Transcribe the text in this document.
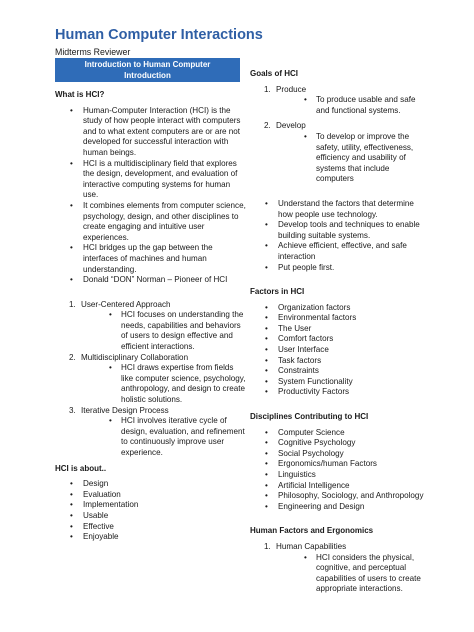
Human Computer Interactions
Midterms Reviewer
Introduction to Human Computer
Introduction
What is HCI?
• Human-Computer Interaction (HCI) is the study of how people interact with computers and to what extent computers are or are not developed for successful interaction with human beings.
• HCI is a multidisciplinary field that explores the design, development, and evaluation of interactive computing systems for human use.
• It combines elements from computer science, psychology, design, and other disciplines to create engaging and intuitive user experiences.
• HCI bridges up the gap between the interfaces of machines and human understanding.
• Donald “DON” Norman – Pioneer of HCI
1. User-Centered Approach
• HCI focuses on understanding the needs, capabilities and behaviors of users to design effective and efficient interactions.
2. Multidisciplinary Collaboration
• HCI draws expertise from fields like computer science, psychology, anthropology, and design to create holistic solutions.
3. Iterative Design Process
• HCI involves iterative cycle of design, evaluation, and refinement to continuously improve user experience.
HCI is about..
• Design
• Evaluation
• Implementation
• Usable
• Effective
• Enjoyable
Goals of HCI
1. Produce
• To produce usable and safe and functional systems.
2. Develop
• To develop or improve the safety, utility, effectiveness, efficiency and usability of systems that include computers
• Understand the factors that determine how people use technology.
• Develop tools and techniques to enable building suitable systems.
• Achieve efficient, effective, and safe interaction
• Put people first.
Factors in HCI
• Organization factors
• Environmental factors
• The User
• Comfort factors
• User Interface
• Task factors
• Constraints
• System Functionality
• Productivity Factors
Disciplines Contributing to HCI
• Computer Science
• Cognitive Psychology
• Social Psychology
• Ergonomics/human Factors
• Linguistics
• Artificial Intelligence
• Philosophy, Sociology, and Anthropology
• Engineering and Design
Human Factors and Ergonomics
1. Human Capabilities
• HCI considers the physical, cognitive, and perceptual capabilities of users to create appropriate interactions.
